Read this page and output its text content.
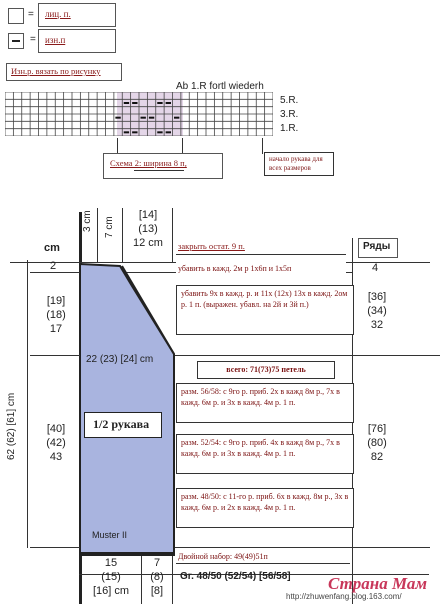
= лиц. п.
= изн.п
Изн.р. вязать по рисунку
Ab 1.R fortl wiederh
5.R.
3.R.
1.R.
Схема 2: ширина 8 п,	начало рукава для всех размеров
cm
3 cm 7 cm
[14]
(13)
12 cm	Ряды
закрыть остат. 9 п.
2
[19]
(18)
17
[40]
(42)
43
62 (62) [61] cm
22 (23) [24] cm
1/2 рукава
Muster II
4
[36]
(34)
32
[76]
(80)
82
убавить в кажд. 2м р 1х6п и 1х5п
убавить 9х в кажд. р. и 11х (12х) 13х в кажд. 2ом р. 1 п. (выражен. убавл. на 2й и 3й п.)
всего: 71(73)75 петель
разм. 56/58: с 9го р. приб. 2х в кажд 8м р., 7х в кажд. 6м р. и 3х в кажд. 4м р. 1 п.
разм. 52/54: с 9го р. приб. 4х в кажд 8м р., 7х в кажд. 6м р. и 3х в кажд. 4м р. 1 п.
разм. 48/50: с 11-го р. приб. 6х в кажд. 8м р., 3х в кажд. 6м р. и 2х в кажд. 4м р. 1 п.
Двойной набор: 49(49)51п
15
(15)
[16] cm
7
(8)
[8]
Gr. 48/50 (52/54) [56/58] Страна Мам
http://zhuwenfang.blog.163.com/
